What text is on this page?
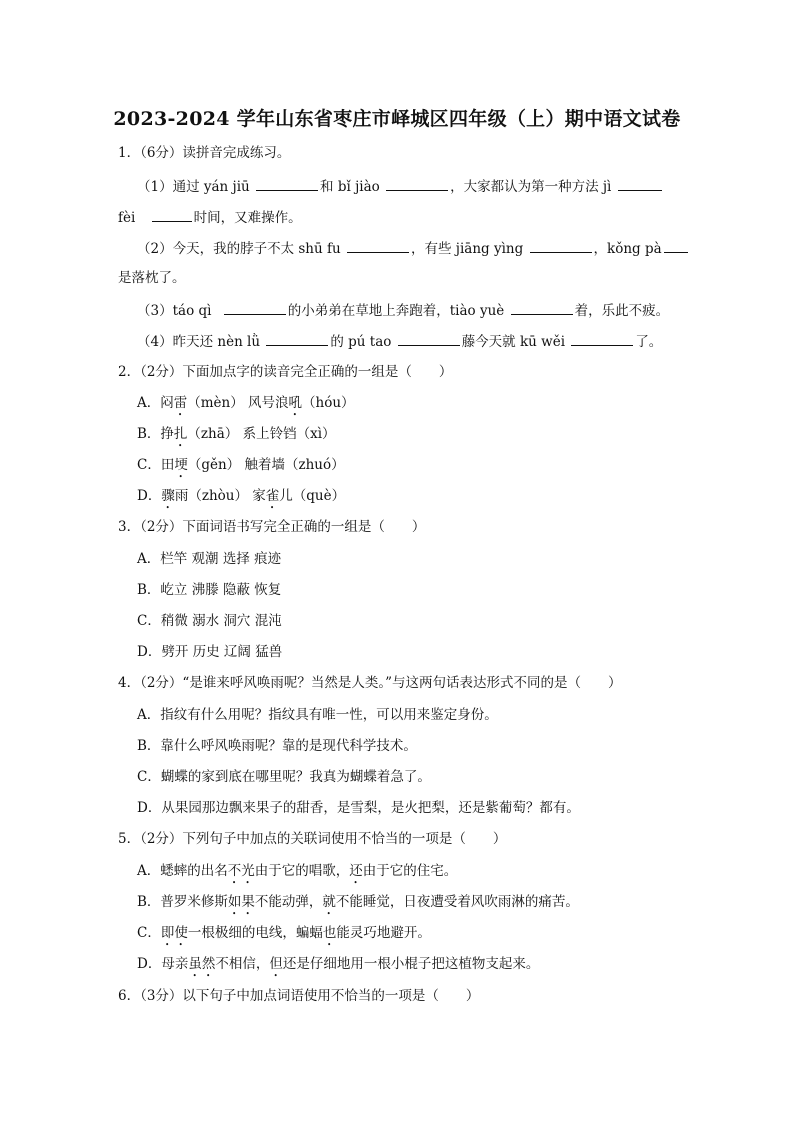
2023-2024 学年山东省枣庄市峄城区四年级（上）期中语文试卷
1．（6分）读拼音完成练习。
（1）通过 yán jiū	和 bǐ jiào	，大家都认为第一种方法 jì
fèi	时间，又难操作。
（2）今天，我的脖子不太 shū fu	，有些 jiāng yìng	，kǒng pà
是落枕了。
（3）táo qì	的小弟弟在草地上奔跑着，tiào yuè	着，乐此不疲。
（4）昨天还 nèn lǜ	的 pú tao	藤今天就 kū wěi	了。
2．（2分）下面加点字的读音完全正确的一组是（　　）
A．闷雷（mèn） 风号浪吼（hóu）
B．挣扎（zhā） 系上铃铛（xì）
C．田埂（gěn） 触着墙（zhuó）
D．骤雨（zhòu） 家雀儿（què）
3．（2分）下面词语书写完全正确的一组是（　　）
A．栏竿 观潮 选择 痕迹
B．屹立 沸滕 隐蔽 恢复
C．稍微 溺水 洞穴 混沌
D．劈开 历史 辽阔 猛兽
4．（2分）“是谁来呼风唤雨呢？当然是人类。”与这两句话表达形式不同的是（　　）
A．指纹有什么用呢？指纹具有唯一性，可以用来鉴定身份。
B．靠什么呼风唤雨呢？靠的是现代科学技术。
C．蝴蝶的家到底在哪里呢？我真为蝴蝶着急了。
D．从果园那边飘来果子的甜香，是雪梨，是火把梨，还是紫葡萄？都有。
5．（2分）下列句子中加点的关联词使用不恰当的一项是（　　）
A．蟋蟀的出名不光由于它的唱歌，还由于它的住宅。
B．普罗米修斯如果不能动弹，就不能睡觉，日夜遭受着风吹雨淋的痛苦。
C．即使一根极细的电线，蝙蝠也能灵巧地避开。
D．母亲虽然不相信，但还是仔细地用一根小棍子把这植物支起来。
6．（3分）以下句子中加点词语使用不恰当的一项是（　　）
